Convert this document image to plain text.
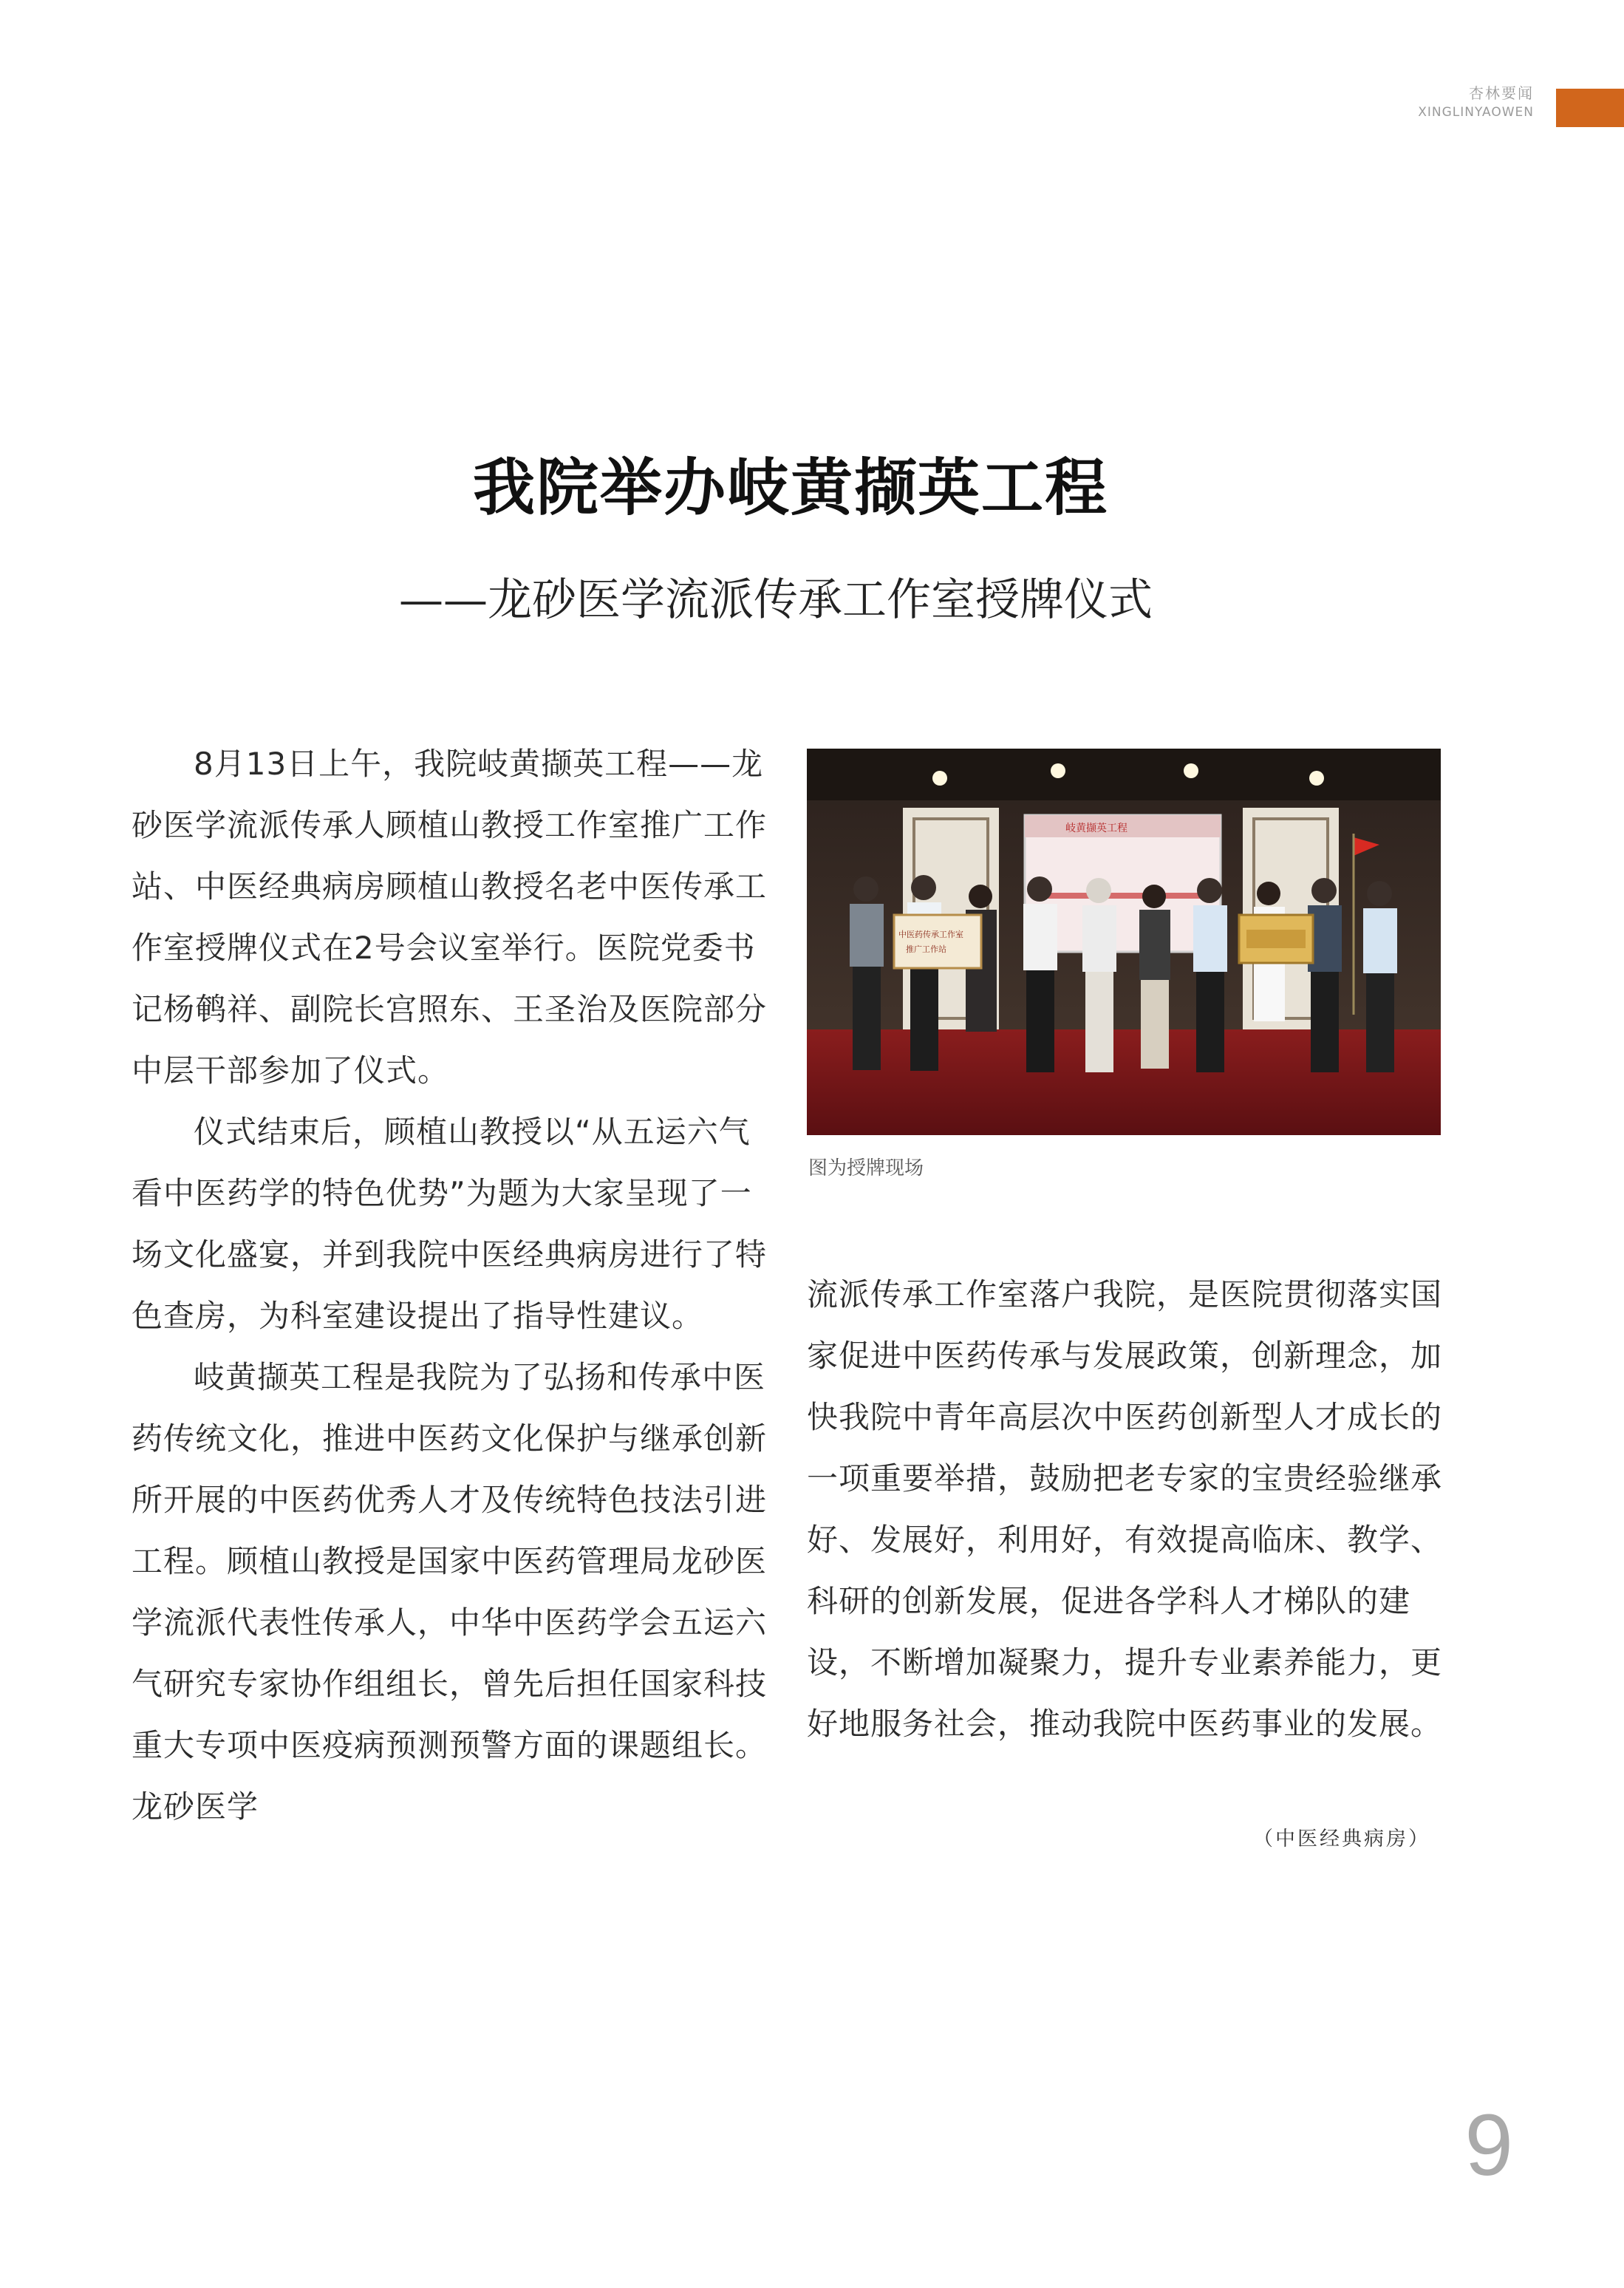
杏林要闻
XINGLINYAOWEN
我院举办岐黄撷英工程
——龙砂医学流派传承工作室授牌仪式

8月13日上午，我院岐黄撷英工程——龙砂医学流派传承人顾植山教授工作室推广工作站、中医经典病房顾植山教授名老中医传承工作室授牌仪式在2号会议室举行。医院党委书记杨鹌祥、副院长宫照东、王圣治及医院部分中层干部参加了仪式。

仪式结束后，顾植山教授以“从五运六气看中医药学的特色优势”为题为大家呈现了一场文化盛宴，并到我院中医经典病房进行了特色查房，为科室建设提出了指导性建议。

岐黄撷英工程是我院为了弘扬和传承中医药传统文化，推进中医药文化保护与继承创新所开展的中医药优秀人才及传统特色技法引进工程。顾植山教授是国家中医药管理局龙砂医学流派代表性传承人，中华中医药学会五运六气研究专家协作组组长，曾先后担任国家科技重大专项中医疫病预测预警方面的课题组长。龙砂医学

岐黄撷英工程
中医药传承工作室
推广工作站
图为授牌现场

流派传承工作室落户我院，是医院贯彻落实国家促进中医药传承与发展政策，创新理念，加快我院中青年高层次中医药创新型人才成长的一项重要举措，鼓励把老专家的宝贵经验继承好、发展好，利用好，有效提高临床、教学、科研的创新发展，促进各学科人才梯队的建设，不断增加凝聚力，提升专业素养能力，更好地服务社会，推动我院中医药事业的发展。

（中医经典病房）
9
